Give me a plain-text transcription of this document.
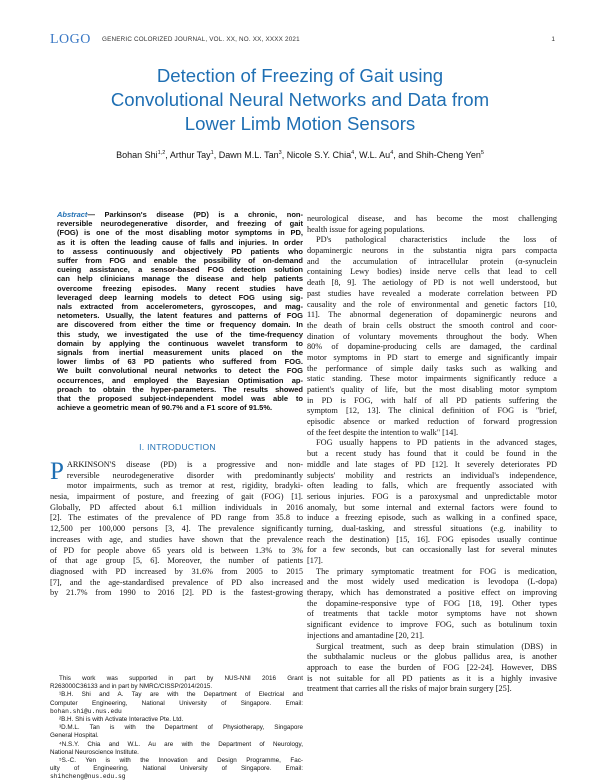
LOGO GENERIC COLORIZED JOURNAL, VOL. XX, NO. XX, XXXX 2021	1
Detection of Freezing of Gait using
Convolutional Neural Networks and Data from
Lower Limb Motion Sensors
Bohan Shi$^{1,2}$, Arthur Tay$^1$, Dawn M.L. Tan$^3$, Nicole S.Y. Chia$^4$, W.L. Au$^4$, and Shih-Cheng Yen$^5$
Abstract— Parkinson's disease (PD) is a chronic, non-
reversible neurodegenerative disorder, and freezing of gait
(FOG) is one of the most disabling motor symptoms in PD,
as it is often the leading cause of falls and injuries. In order
to assess continuously and objectively PD patients who
suffer from FOG and enable the possibility of on-demand
cueing assistance, a sensor-based FOG detection solution
can help clinicians manage the disease and help patients
overcome freezing episodes. Many recent studies have
leveraged deep learning models to detect FOG using sig-
nals extracted from accelerometers, gyroscopes, and mag-
netometers. Usually, the latent features and patterns of FOG
are discovered from either the time or frequency domain. In
this study, we investigated the use of the time-frequency
domain by applying the continuous wavelet transform to
signals from inertial measurement units placed on the
lower limbs of 63 PD patients who suffered from FOG.
We built convolutional neural networks to detect the FOG
occurrences, and employed the Bayesian Optimisation ap-
proach to obtain the hyper-parameters. The results showed
that the proposed subject-independent model was able to
achieve a geometric mean of 90.7% and a F1 score of 91.5%.
I. INTRODUCTION
P ARKINSON'S disease (PD) is a progressive and non-
reversible neurodegenerative disorder with predominantly
motor impairments, such as tremor at rest, rigidity, bradyki-
nesia, impairment of posture, and freezing of gait (FOG) [1].
Globally, PD affected about 6.1 million individuals in 2016
[2]. The estimates of the prevalence of PD range from 35.8 to
12,500 per 100,000 persons [3, 4]. The prevalence significantly
increases with age, and studies have shown that the prevalence
of PD for people above 65 years old is between 1.3% to 3%
of that age group [5, 6]. Moreover, the number of patients
diagnosed with PD increased by 31.6% from 2005 to 2015
[7], and the age-standardised prevalence of PD also increased
by 21.7% from 1990 to 2016 [2]. PD is the fastest-growing
This work was supported in part by NUS-NNI 2016 Grant
R263000C36133 and in part by NMRC/CISSP/2014/2015.
¹B.H. Shi and A. Tay are with the Department of Electrical and
Computer Engineering, National University of Singapore. Email:
bohan.shi@u.nus.edu
²B.H. Shi is with Activate Interactive Pte. Ltd.
³D.M.L. Tan is with the Department of Physiotherapy, Singapore
General Hospital.
⁴N.S.Y. Chia and W.L. Au are with the Department of Neurology,
National Neuroscience Institute.
⁵S.-C. Yen is with the Innovation and Design Programme, Fac-
ulty of Engineering, National University of Singapore. Email:
shihcheng@nus.edu.sg
neurological disease, and has become the most challenging
health issue for ageing populations.
PD's pathological characteristics include the loss of
dopaminergic neurons in the substantia nigra pars compacta
and the accumulation of intracellular protein (α-synuclein
containing Lewy bodies) inside nerve cells that lead to cell
death [8, 9]. The aetiology of PD is not well understood, but
past studies have revealed a moderate correlation between PD
causality and the role of environmental and genetic factors [10,
11]. The abnormal degeneration of dopaminergic neurons and
the death of brain cells obstruct the smooth control and coor-
dination of voluntary movements throughout the body. When
80% of dopamine-producing cells are damaged, the cardinal
motor symptoms in PD start to emerge and significantly impair
the performance of simple daily tasks such as walking and
static standing. These motor impairments significantly reduce a
patient's quality of life, but the most disabling motor symptom
in PD is FOG, with half of all PD patients suffering the
symptom [12, 13]. The clinical definition of FOG is "brief,
episodic absence or marked reduction of forward progression
of the feet despite the intention to walk" [14].
FOG usually happens to PD patients in the advanced stages,
but a recent study has found that it could be found in the
middle and late stages of PD [12]. It severely deteriorates PD
subjects' mobility and restricts an individual's independence,
often leading to falls, which are frequently associated with
serious injuries. FOG is a paroxysmal and unpredictable motor
anomaly, but some internal and external factors were found to
induce a freezing episode, such as walking in a confined space,
turning, dual-tasking, and stressful situations (e.g. inability to
reach the destination) [15, 16]. FOG episodes usually continue
for a few seconds, but can occasionally last for several minutes
[17].
The primary symptomatic treatment for FOG is medication,
and the most widely used medication is levodopa (L-dopa)
therapy, which has demonstrated a positive effect on improving
the dopamine-responsive type of FOG [18, 19]. Other types
of treatments that tackle motor symptoms have not shown
significant evidence to improve FOG, such as botulinum toxin
injections and amantadine [20, 21].
Surgical treatment, such as deep brain stimulation (DBS) in
the subthalamic nucleus or the globus pallidus area, is another
approach to ease the burden of FOG [22-24]. However, DBS
is not suitable for all PD patients as it is a highly invasive
treatment that carries all the risks of major brain surgery [25].
